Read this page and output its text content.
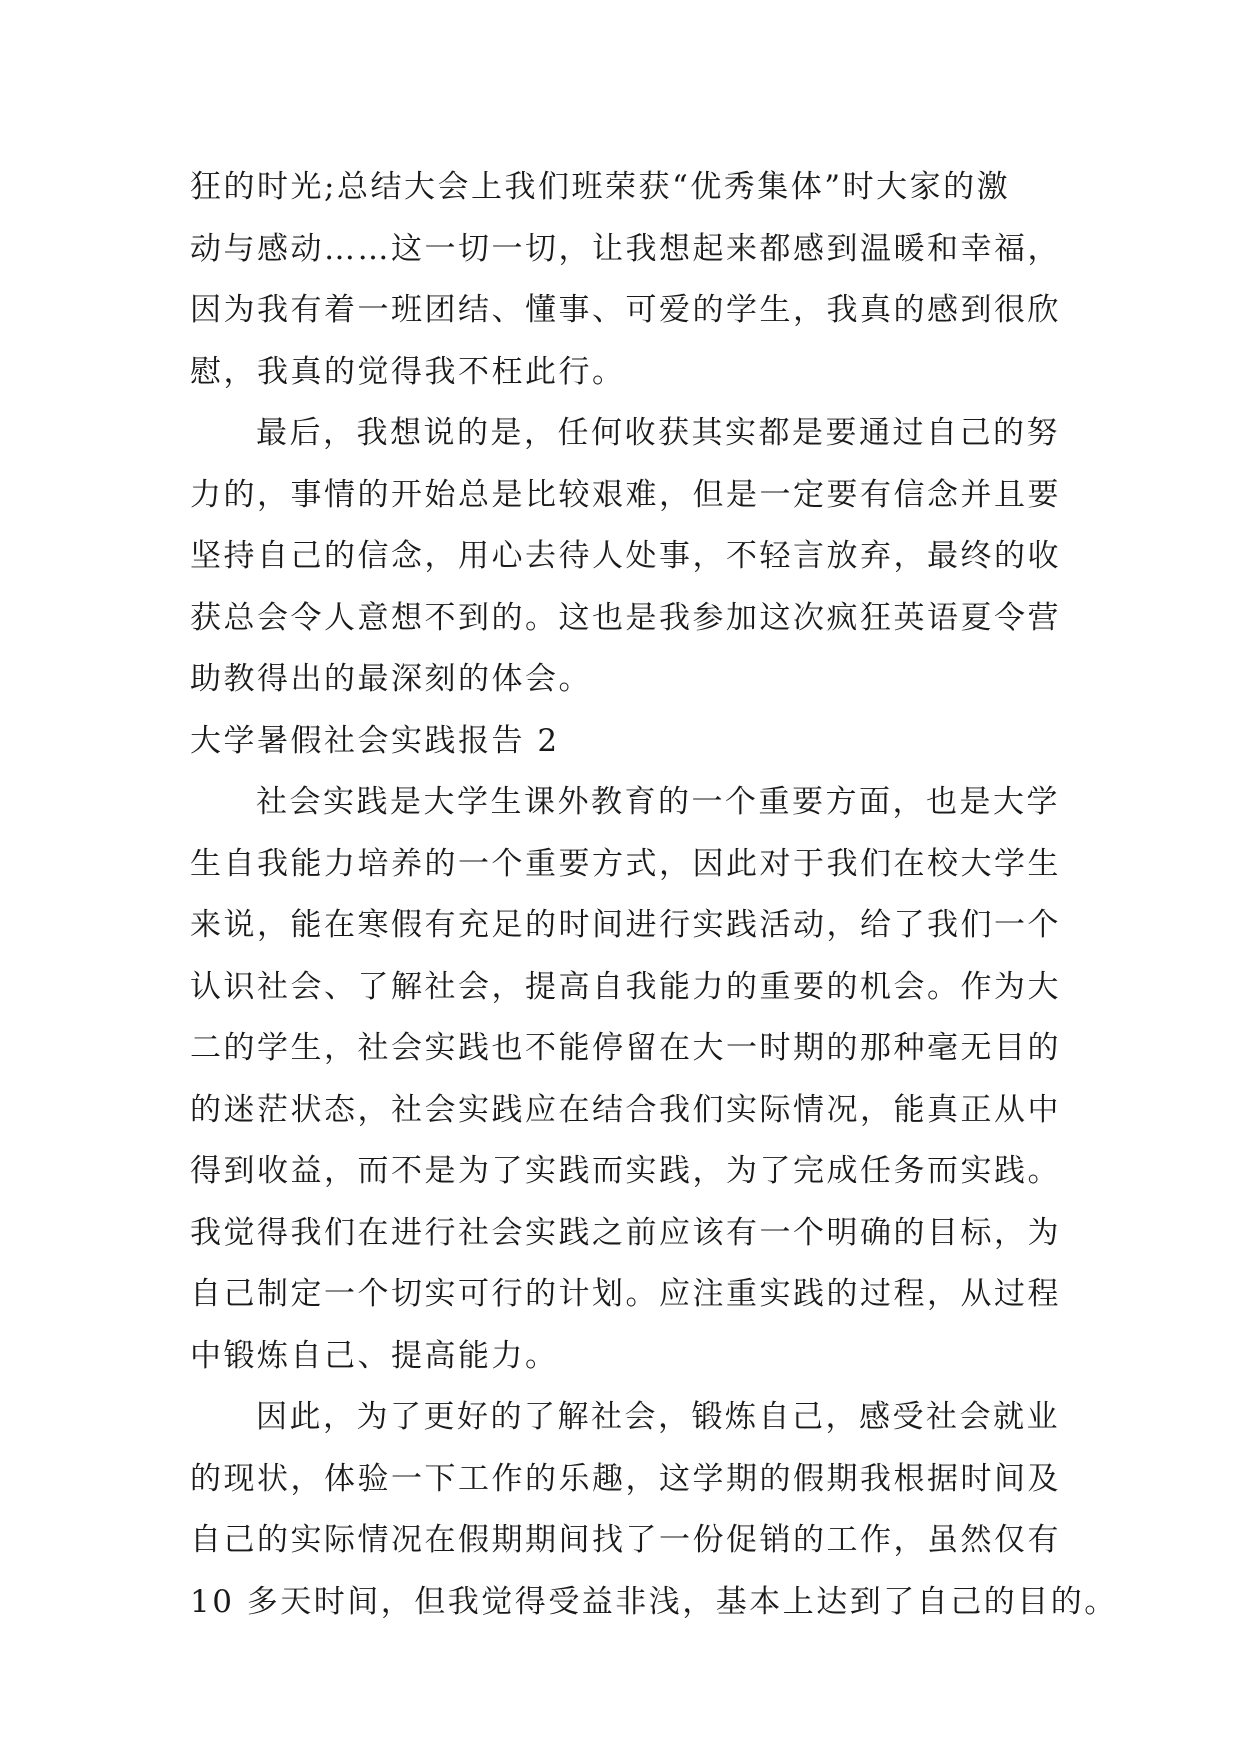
狂的时光;总结大会上我们班荣获“优秀集体”时大家的激
动与感动……这一切一切，让我想起来都感到温暖和幸福，
因为我有着一班团结、懂事、可爱的学生，我真的感到很欣
慰，我真的觉得我不枉此行。
最后，我想说的是，任何收获其实都是要通过自己的努
力的，事情的开始总是比较艰难，但是一定要有信念并且要
坚持自己的信念，用心去待人处事，不轻言放弃，最终的收
获总会令人意想不到的。这也是我参加这次疯狂英语夏令营
助教得出的最深刻的体会。
大学暑假社会实践报告 2
社会实践是大学生课外教育的一个重要方面，也是大学
生自我能力培养的一个重要方式，因此对于我们在校大学生
来说，能在寒假有充足的时间进行实践活动，给了我们一个
认识社会、了解社会，提高自我能力的重要的机会。作为大
二的学生，社会实践也不能停留在大一时期的那种毫无目的
的迷茫状态，社会实践应在结合我们实际情况，能真正从中
得到收益，而不是为了实践而实践，为了完成任务而实践。
我觉得我们在进行社会实践之前应该有一个明确的目标，为
自己制定一个切实可行的计划。应注重实践的过程，从过程
中锻炼自己、提高能力。
因此，为了更好的了解社会，锻炼自己，感受社会就业
的现状，体验一下工作的乐趣，这学期的假期我根据时间及
自己的实际情况在假期期间找了一份促销的工作，虽然仅有
10 多天时间，但我觉得受益非浅，基本上达到了自己的目的。
